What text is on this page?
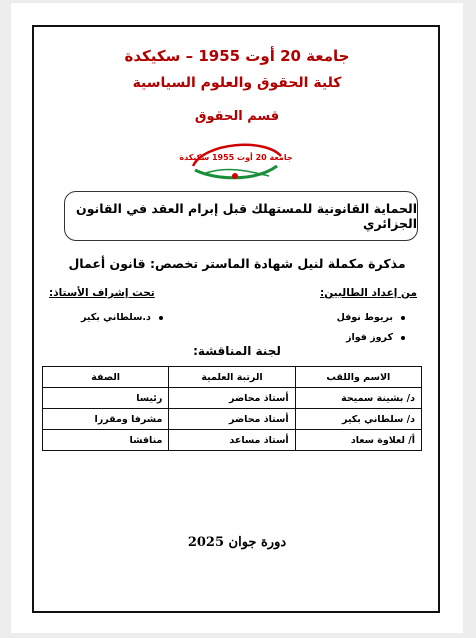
جامعة 20 أوت 1955 – سكيكدة
كلية الحقوق والعلوم السياسية
قسم الحقوق
جامعة 20 أوت 1955 سكيكدة
الحماية القانونية للمستهلك قبل إبرام العقد في القانون الجزائري
مذكرة مكملة لنيل شهادة الماستر تخصص: قانون أعمال
من إعداد الطالبين:
تحت إشراف الأستاذ:
بريوط نوفل
كروز فواز
د.سلطاني بكير
لجنة المناقشة:
الاسم واللقب	الرتبة العلمية	الصفة
د/ بشينة سميحة	أستاذ محاضر	رئيسا
د/ سلطاني بكير	أستاذ محاضر	مشرفا ومقررا
أ/ لعلاوة سعاد	أستاذ مساعد	مناقشا
دورة جوان 2025
